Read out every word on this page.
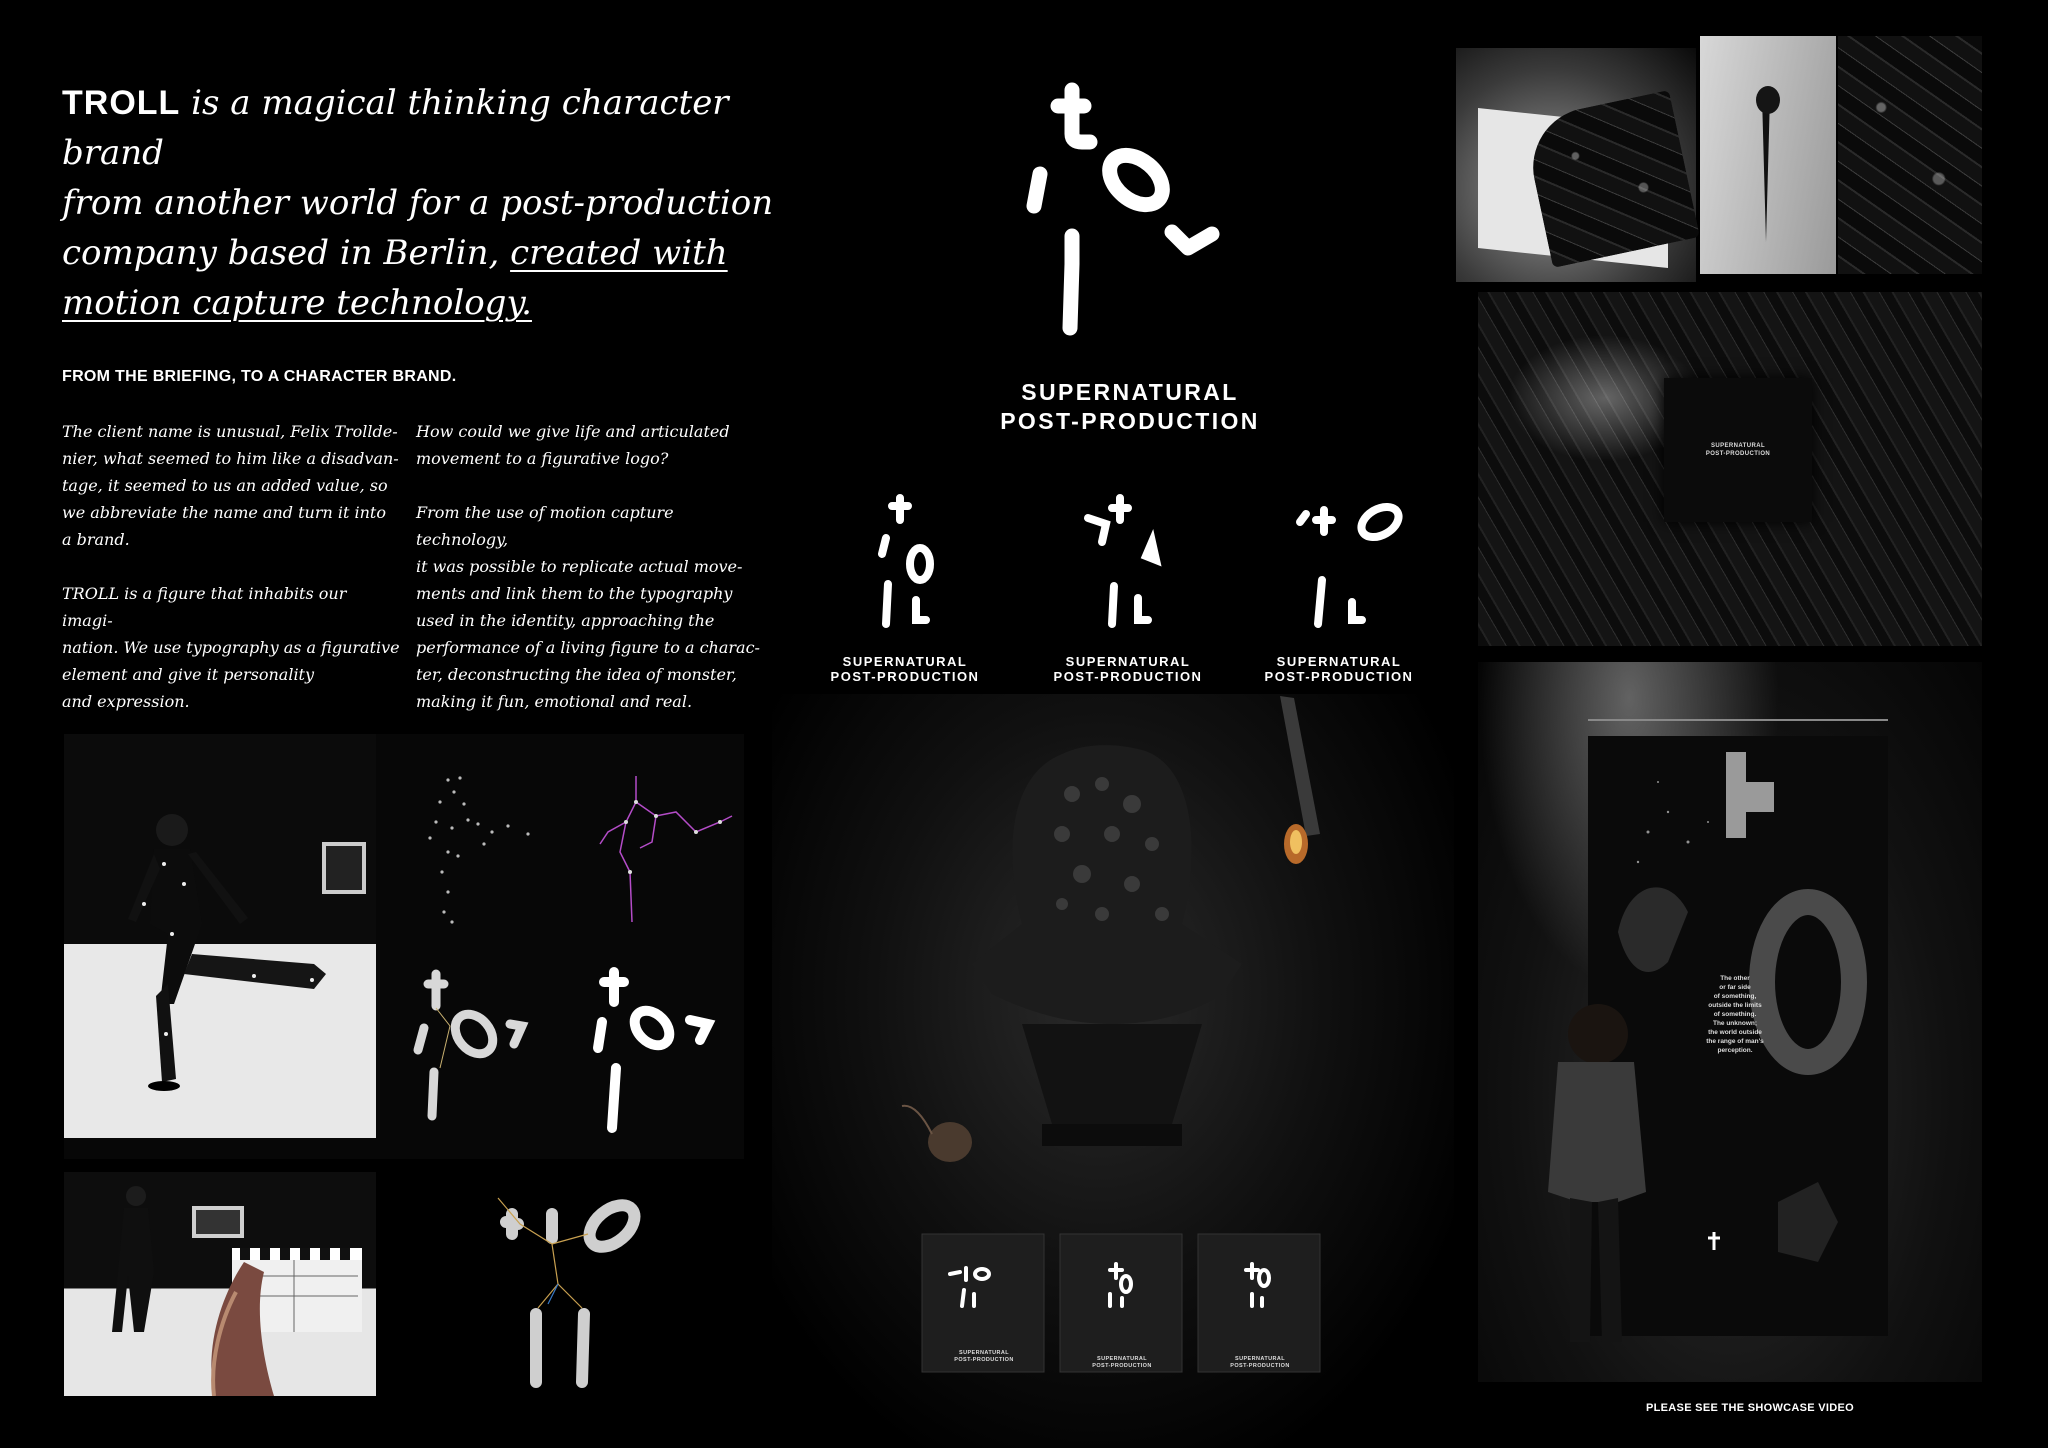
TROLL is a magical thinking character brand
from another world for a post-production
company based in Berlin, created with
motion capture technology.
FROM THE BRIEFING, TO A CHARACTER BRAND.

The client name is unusual, Felix Trollde-
nier, what seemed to him like a disadvan-
tage, it seemed to us an added value, so
we abbreviate the name and turn it into
a brand.

TROLL is a figure that inhabits our imagi-
nation. We use typography as a figurative
element and give it personality
and expression.

How could we give life and articulated
movement to a figurative logo?

From the use of motion capture technology,
it was possible to replicate actual move-
ments and link them to the typography
used in the identity, approaching the
performance of a living figure to a charac-
ter, deconstructing the idea of monster,
making it fun, emotional and real.

SUPERNATURAL
POST-PRODUCTION
SUPERNATURAL
POST-PRODUCTION
SUPERNATURAL
POST-PRODUCTION
SUPERNATURAL
POST-PRODUCTION
SUPERNATURAL
POST-PRODUCTION	SUPERNATURAL
POST-PRODUCTION
SUPERNATURAL
POST-PRODUCTION
SUPERNATURAL
POST-PRODUCTION
The other
or far side
of something,
outside the limits
of something.
The unknown;
the world outside
the range of man's
perception.
PLEASE SEE THE SHOWCASE VIDEO
